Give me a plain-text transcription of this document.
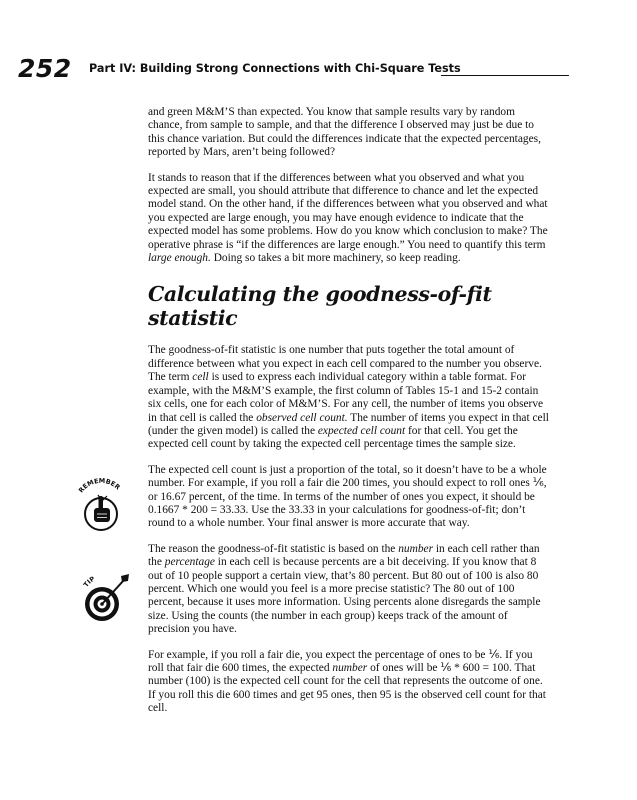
252 Part IV: Building Strong Connections with Chi-Square Tests
REMEMBER
TIP

and green M&M’S than expected. You know that sample results vary by random chance, from sample to sample, and that the difference I observed may just be due to this chance variation. But could the differences indicate that the expected percentages, reported by Mars, aren’t being followed?

It stands to reason that if the differences between what you observed and what you expected are small, you should attribute that difference to chance and let the expected model stand. On the other hand, if the differences between what you observed and what you expected are large enough, you may have enough evidence to indicate that the expected model has some problems. How do you know which conclusion to make? The operative phrase is “if the differences are large enough.” You need to quantify this term large enough. Doing so takes a bit more machinery, so keep reading.

Calculating the goodness-of-fit statistic

The goodness-of-fit statistic is one number that puts together the total amount of difference between what you expect in each cell compared to the number you observe. The term cell is used to express each individual category within a table format. For example, with the M&M’S example, the first column of Tables 15-1 and 15-2 contain six cells, one for each color of M&M’S. For any cell, the number of items you observe in that cell is called the observed cell count. The number of items you expect in that cell (under the given model) is called the expected cell count for that cell. You get the expected cell count by taking the expected cell percentage times the sample size.

The expected cell count is just a proportion of the total, so it doesn’t have to be a whole number. For example, if you roll a fair die 200 times, you should expect to roll ones ⅙, or 16.67 percent, of the time. In terms of the number of ones you expect, it should be 0.1667 * 200 = 33.33. Use the 33.33 in your calculations for goodness-of-fit; don’t round to a whole number. Your final answer is more accurate that way.

The reason the goodness-of-fit statistic is based on the number in each cell rather than the percentage in each cell is because percents are a bit deceiving. If you know that 8 out of 10 people support a certain view, that’s 80 percent. But 80 out of 100 is also 80 percent. Which one would you feel is a more precise statistic? The 80 out of 100 percent, because it uses more information. Using percents alone disregards the sample size. Using the counts (the number in each group) keeps track of the amount of precision you have.

For example, if you roll a fair die, you expect the percentage of ones to be ⅙. If you roll that fair die 600 times, the expected number of ones will be ⅙ * 600 = 100. That number (100) is the expected cell count for the cell that represents the outcome of one. If you roll this die 600 times and get 95 ones, then 95 is the observed cell count for that cell.
